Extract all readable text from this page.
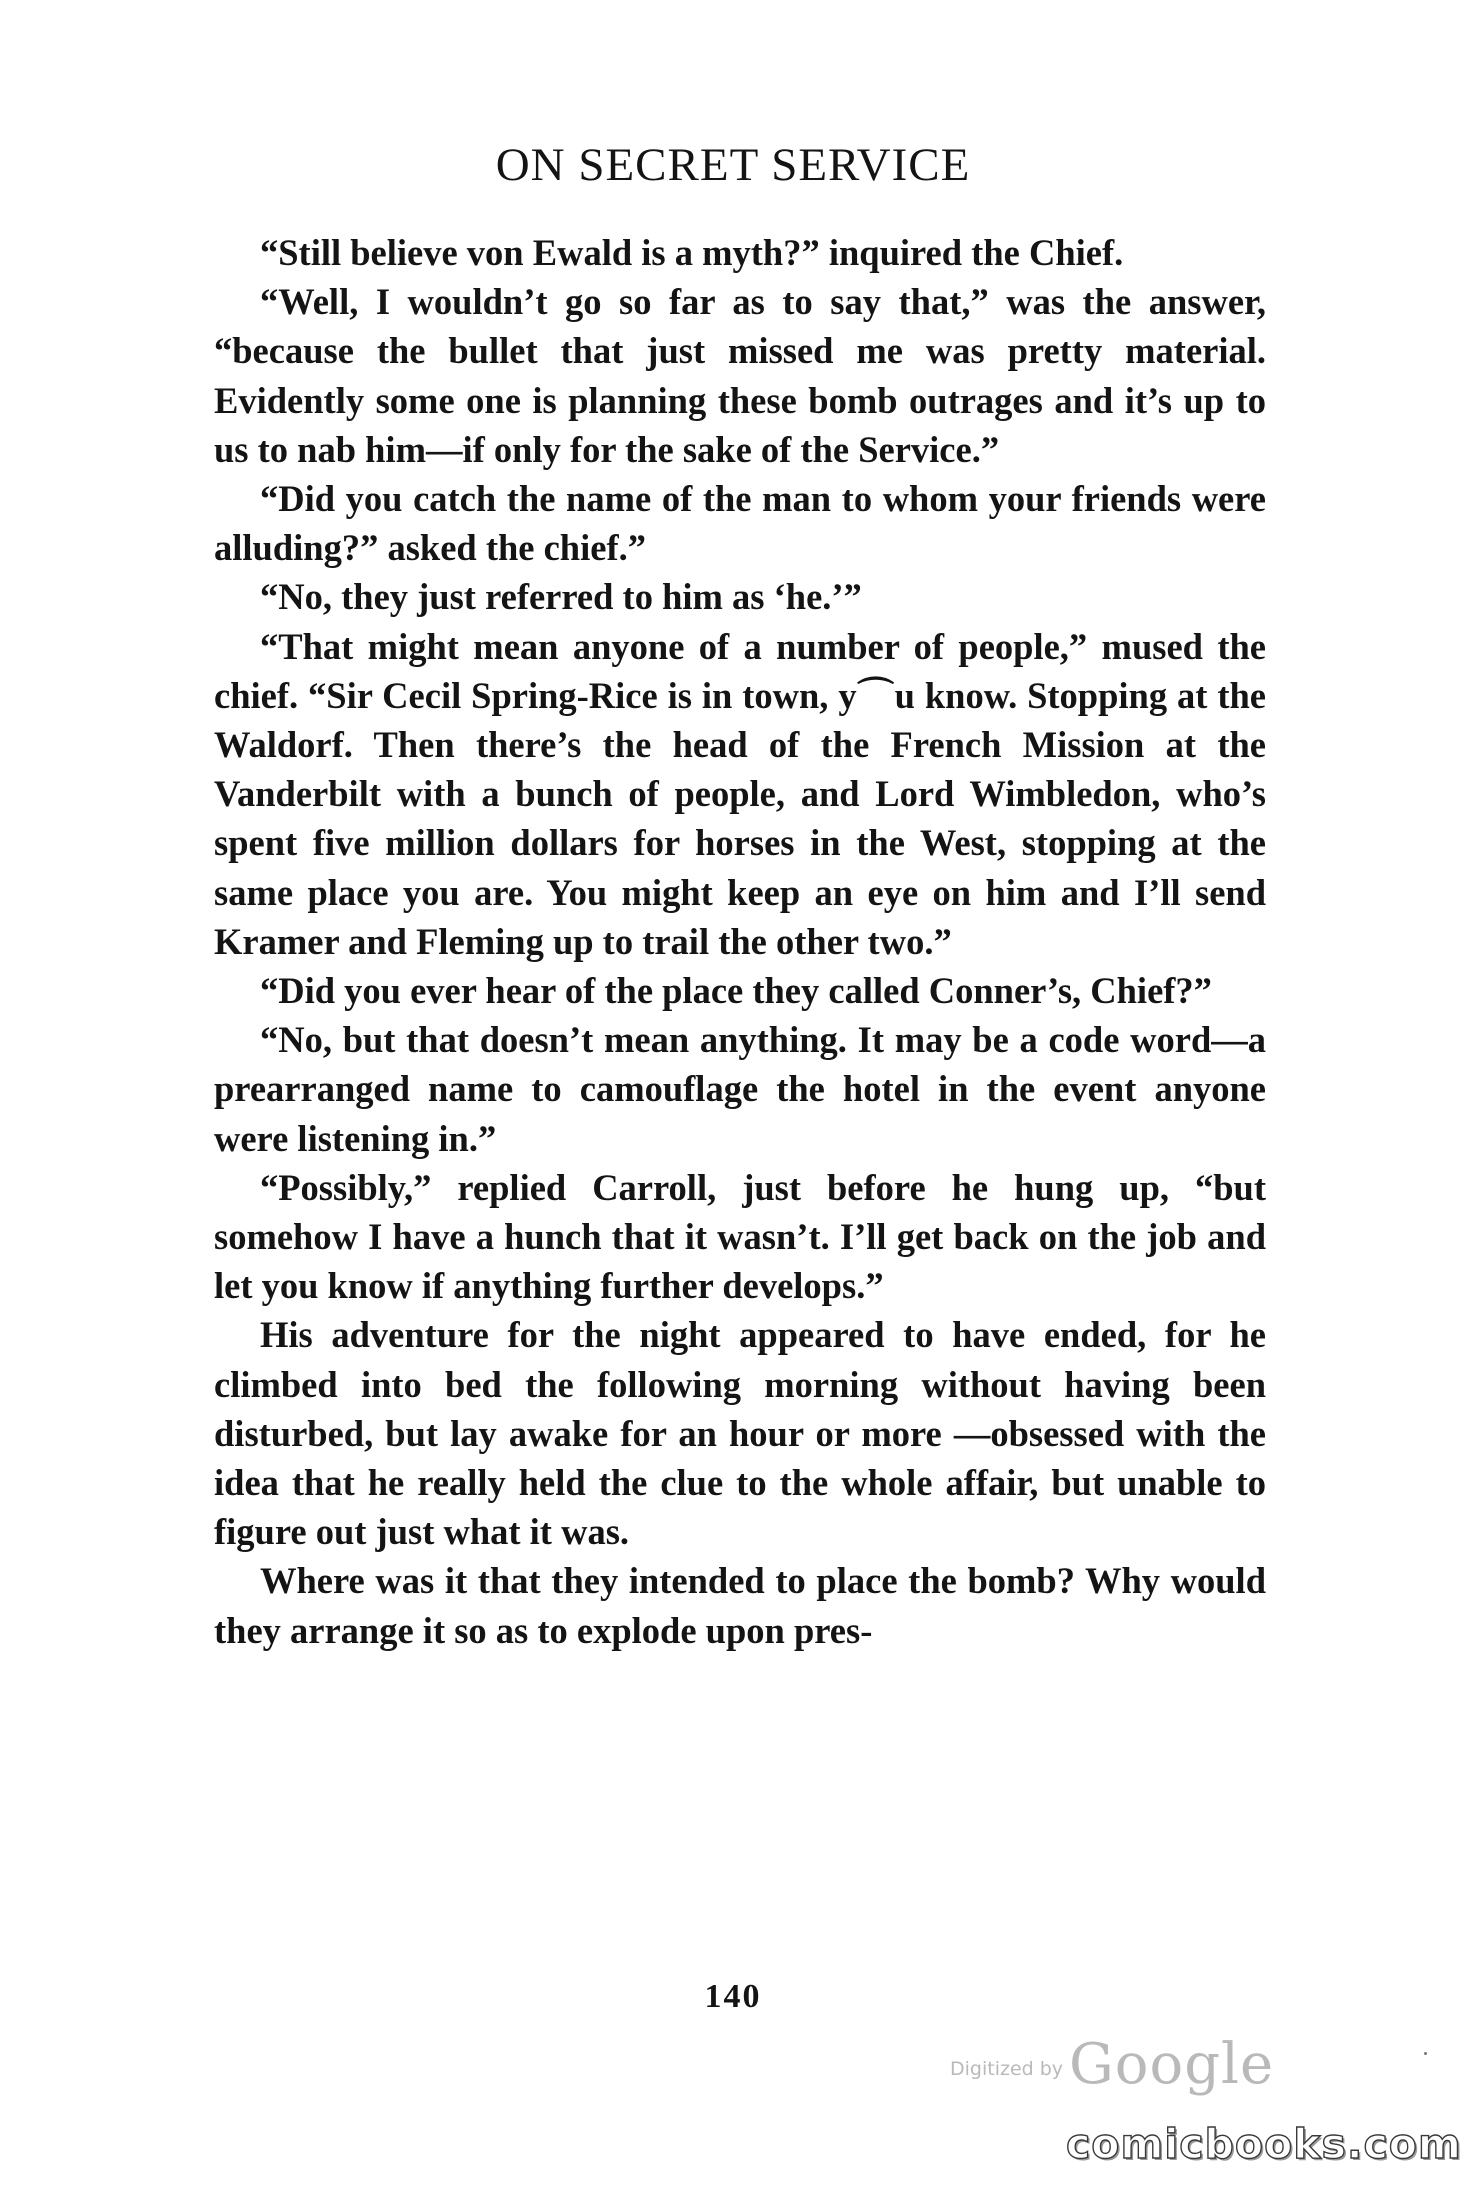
ON SECRET SERVICE

“Still believe von Ewald is a myth?” inquired the Chief.

“Well, I wouldn’t go so far as to say that,” was the answer, “because the bullet that just missed me was pretty material. Evidently some one is planning these bomb outrages and it’s up to us to nab him—if only for the sake of the Service.”

“Did you catch the name of the man to whom your friends were alluding?” asked the chief.”

“No, they just referred to him as ‘he.’”

“That might mean anyone of a number of people,” mused the chief. “Sir Cecil Spring-Rice is in town, y⌒u know. Stopping at the Waldorf. Then there’s the head of the French Mission at the Vanderbilt with a bunch of people, and Lord Wimbledon, who’s spent five million dollars for horses in the West, stopping at the same place you are. You might keep an eye on him and I’ll send Kramer and Fleming up to trail the other two.”

“Did you ever hear of the place they called Conner’s, Chief?”

“No, but that doesn’t mean anything. It may be a code word—a prearranged name to camouflage the hotel in the event anyone were listening in.”

“Possibly,” replied Carroll, just before he hung up, “but somehow I have a hunch that it wasn’t. I’ll get back on the job and let you know if anything further develops.”

His adventure for the night appeared to have ended, for he climbed into bed the following morning without having been disturbed, but lay awake for an hour or more —obsessed with the idea that he really held the clue to the whole affair, but unable to figure out just what it was.

Where was it that they intended to place the bomb? Why would they arrange it so as to explode upon pres-

140
Digitized by Google
comicbooks.com
